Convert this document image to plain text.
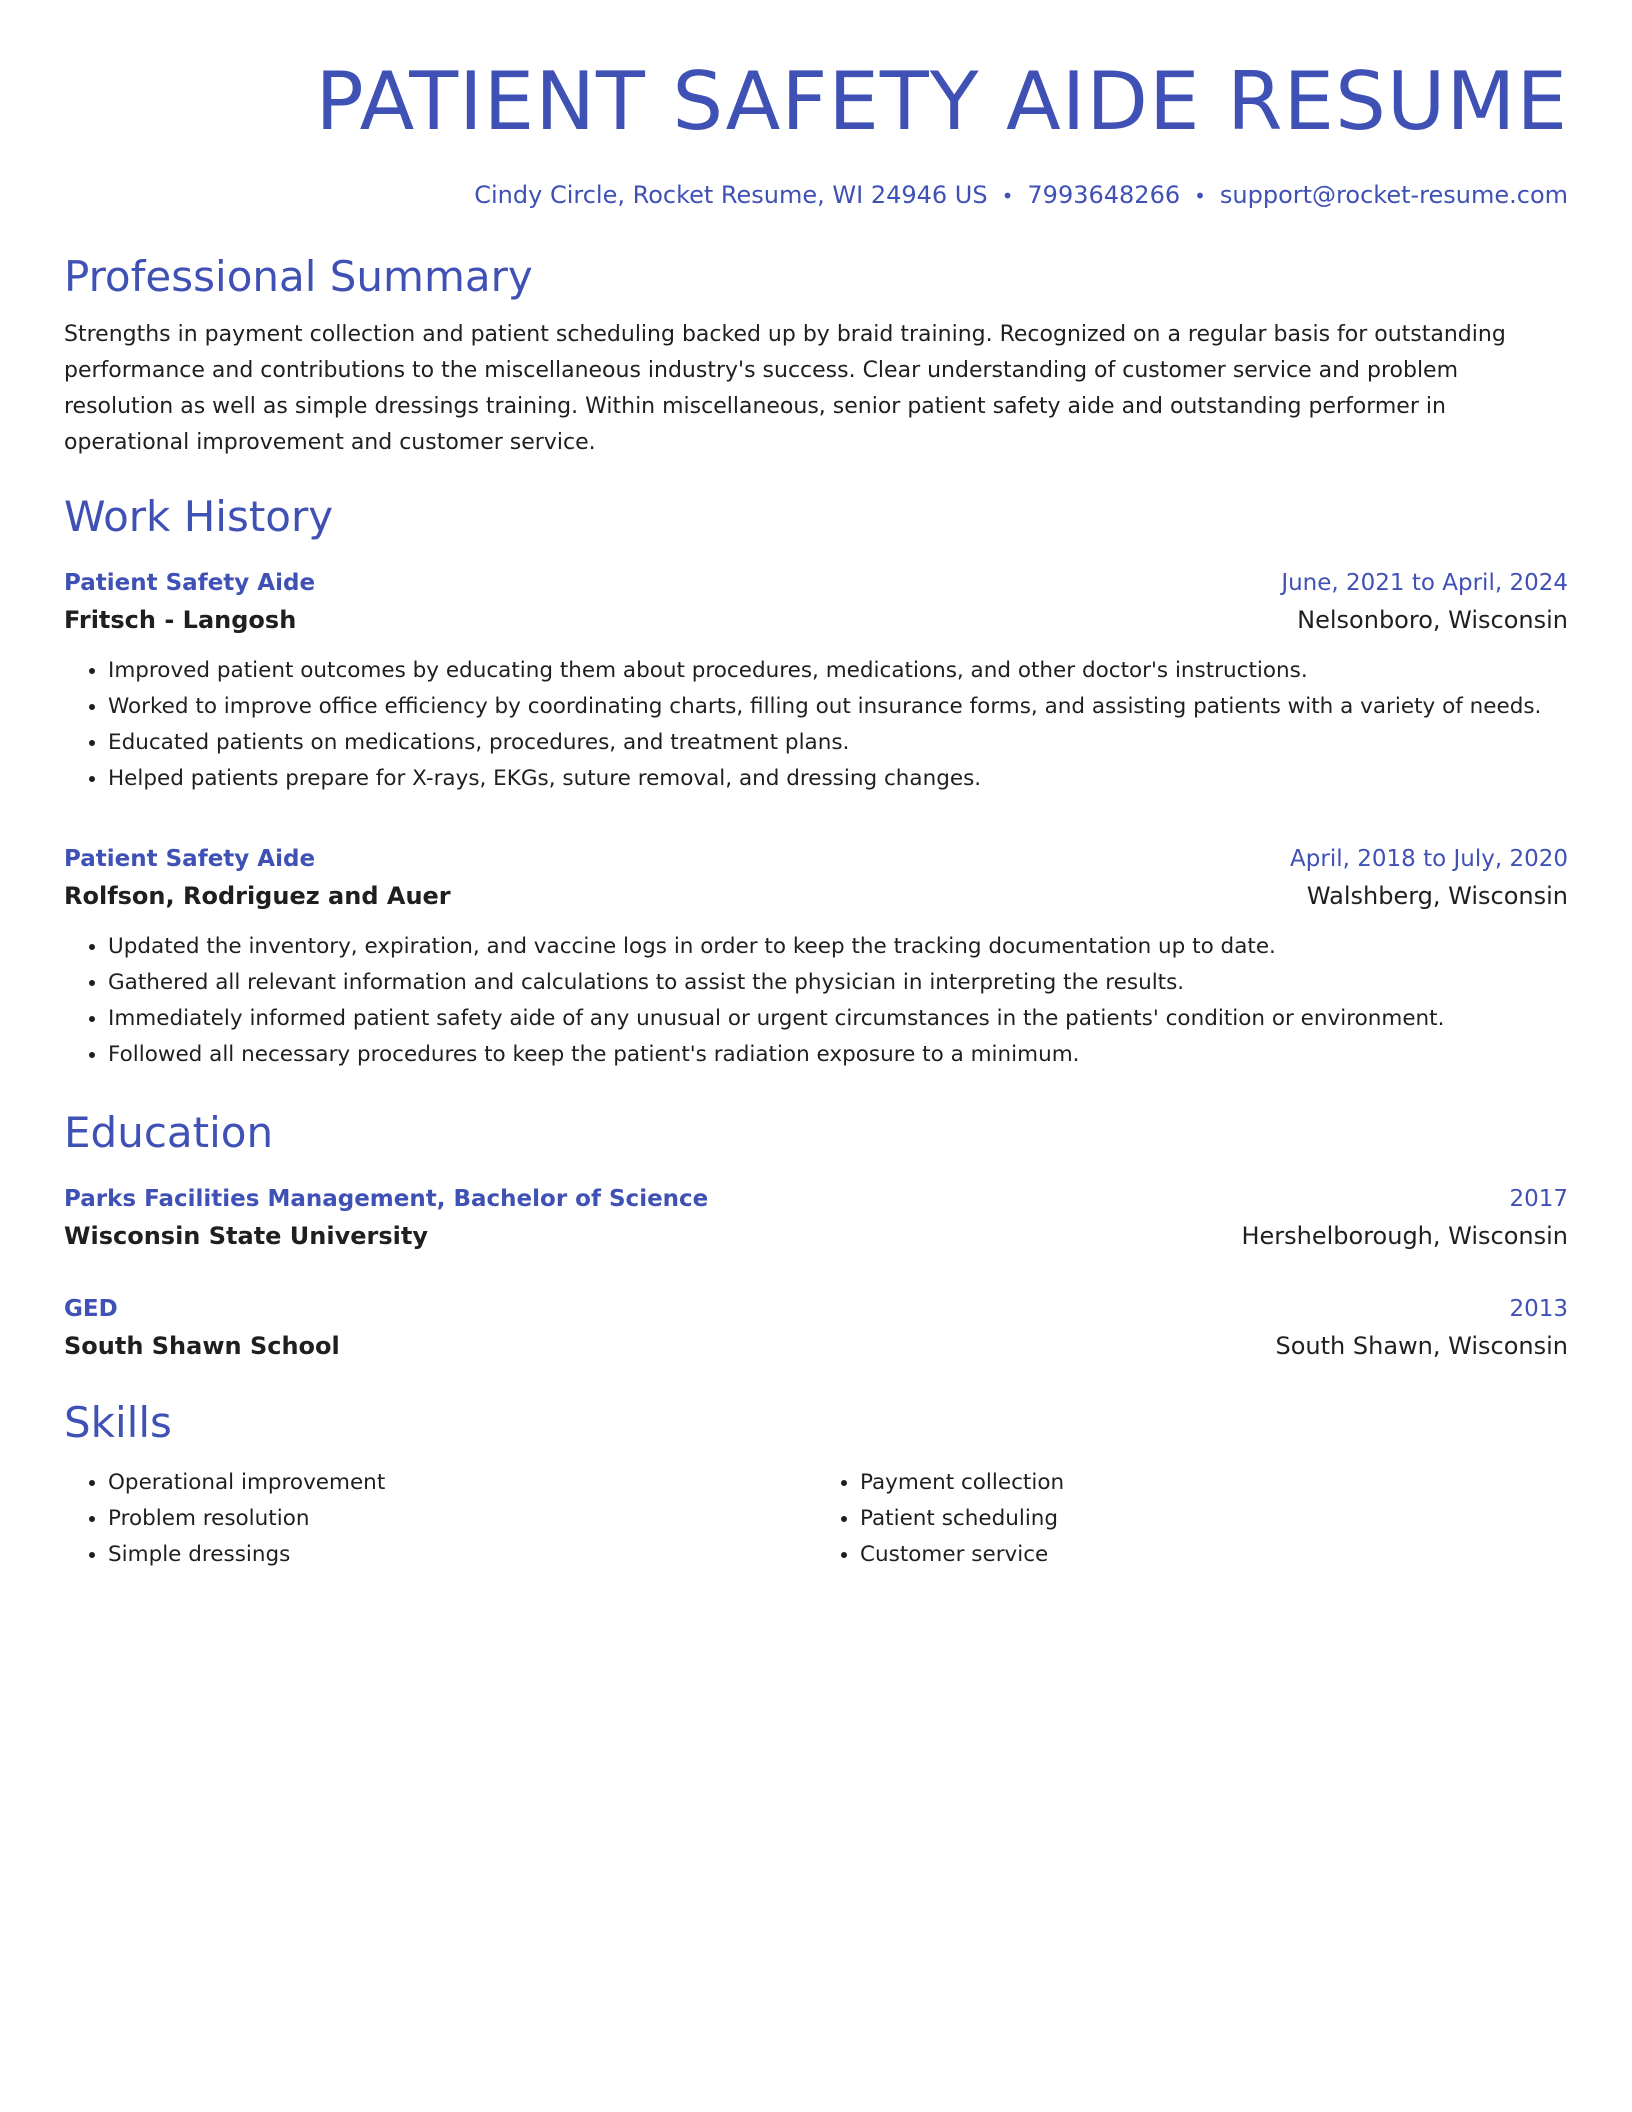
PATIENT SAFETY AIDE RESUME
Cindy Circle, Rocket Resume, WI 24946 US • 7993648266 • support@rocket-resume.com
Professional Summary
Strengths in payment collection and patient scheduling backed up by braid training. Recognized on a regular basis for outstanding performance and contributions to the miscellaneous industry's success. Clear understanding of customer service and problem resolution as well as simple dressings training. Within miscellaneous, senior patient safety aide and outstanding performer in operational improvement and customer service.
Work History
Patient Safety Aide	June, 2021 to April, 2024
Fritsch - Langosh	Nelsonboro, Wisconsin
• Improved patient outcomes by educating them about procedures, medications, and other doctor's instructions.
• Worked to improve office efficiency by coordinating charts, filling out insurance forms, and assisting patients with a variety of needs.
• Educated patients on medications, procedures, and treatment plans.
• Helped patients prepare for X-rays, EKGs, suture removal, and dressing changes.
Patient Safety Aide	April, 2018 to July, 2020
Rolfson, Rodriguez and Auer	Walshberg, Wisconsin
• Updated the inventory, expiration, and vaccine logs in order to keep the tracking documentation up to date.
• Gathered all relevant information and calculations to assist the physician in interpreting the results.
• Immediately informed patient safety aide of any unusual or urgent circumstances in the patients' condition or environment.
• Followed all necessary procedures to keep the patient's radiation exposure to a minimum.
Education
Parks Facilities Management, Bachelor of Science	2017
Wisconsin State University	Hershelborough, Wisconsin
GED	2013
South Shawn School	South Shawn, Wisconsin
Skills
• Operational improvement
• Problem resolution
• Simple dressings
• Payment collection
• Patient scheduling
• Customer service
